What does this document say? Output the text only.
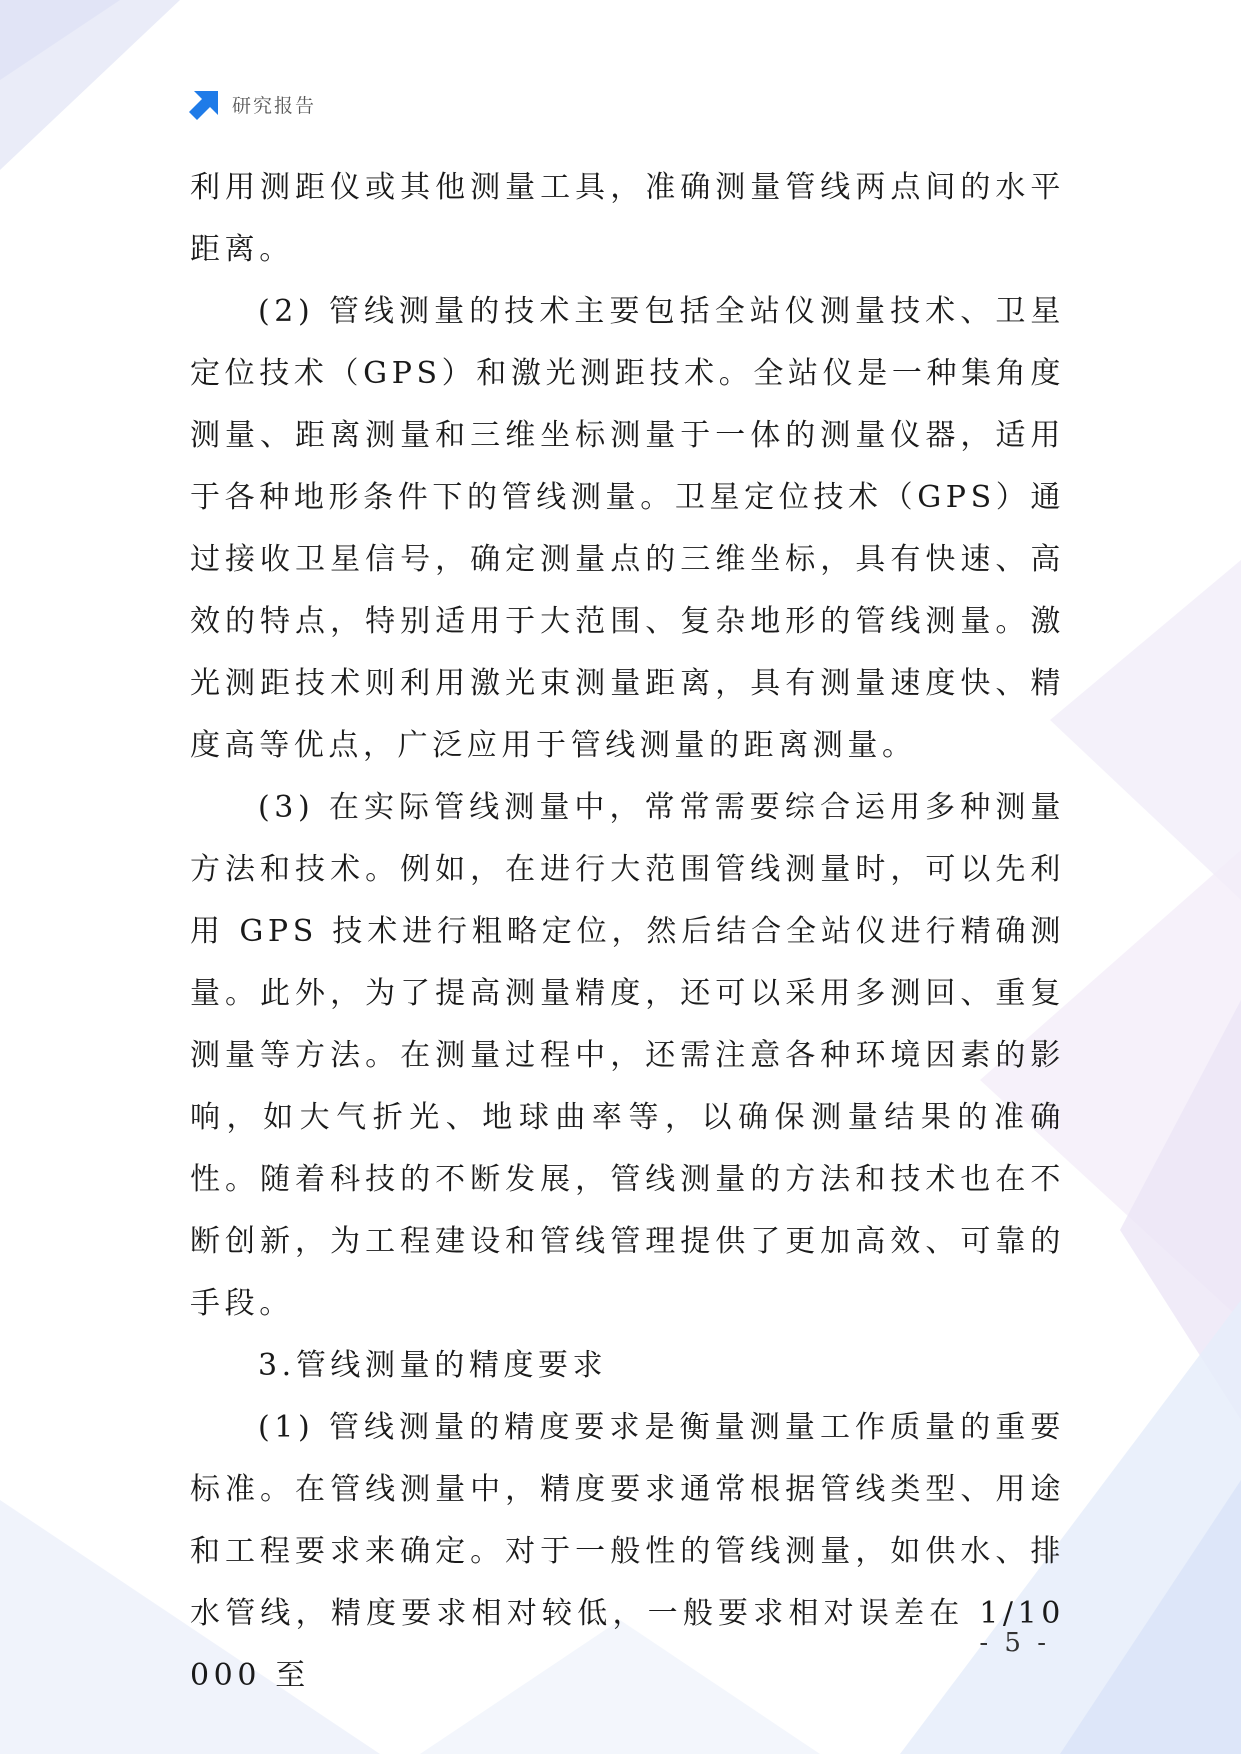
研究报告

利用测距仪或其他测量工具，准确测量管线两点间的水平距离。

(2) 管线测量的技术主要包括全站仪测量技术、卫星定位技术（GPS）和激光测距技术。全站仪是一种集角度测量、距离测量和三维坐标测量于一体的测量仪器，适用于各种地形条件下的管线测量。卫星定位技术（GPS）通过接收卫星信号，确定测量点的三维坐标，具有快速、高效的特点，特别适用于大范围、复杂地形的管线测量。激光测距技术则利用激光束测量距离，具有测量速度快、精度高等优点，广泛应用于管线测量的距离测量。

(3) 在实际管线测量中，常常需要综合运用多种测量方法和技术。例如，在进行大范围管线测量时，可以先利用 GPS 技术进行粗略定位，然后结合全站仪进行精确测量。此外，为了提高测量精度，还可以采用多测回、重复测量等方法。在测量过程中，还需注意各种环境因素的影响，如大气折光、地球曲率等，以确保测量结果的准确性。随着科技的不断发展，管线测量的方法和技术也在不断创新，为工程建设和管线管理提供了更加高效、可靠的手段。

3.管线测量的精度要求

(1) 管线测量的精度要求是衡量测量工作质量的重要标准。在管线测量中，精度要求通常根据管线类型、用途和工程要求来确定。对于一般性的管线测量，如供水、排水管线，精度要求相对较低，一般要求相对误差在 1/10000 至

- 5 -
